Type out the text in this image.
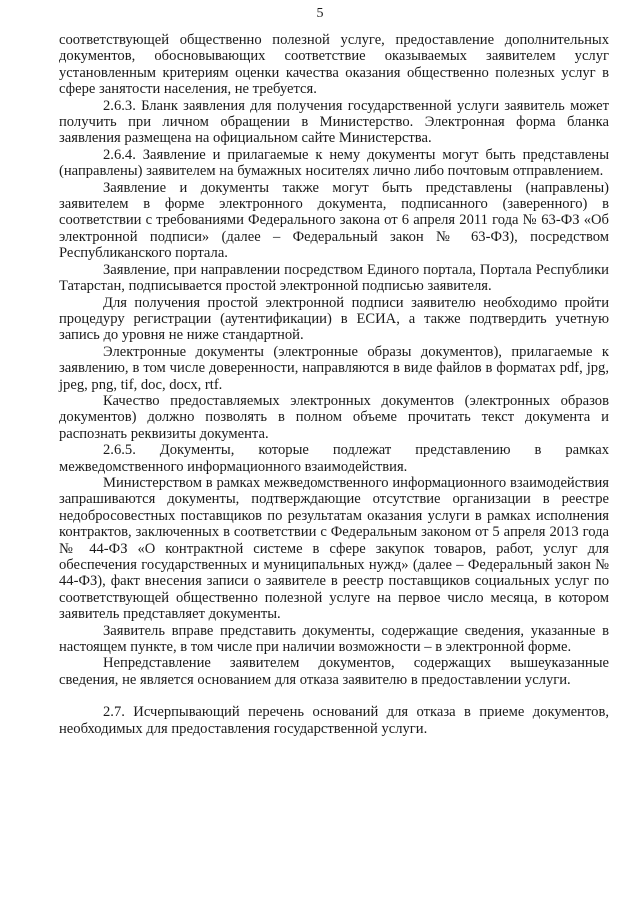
5

соответствующей общественно полезной услуге, предоставление дополнительных документов, обосновывающих соответствие оказываемых заявителем услуг установленным критериям оценки качества оказания общественно полезных услуг в сфере занятости населения, не требуется.

2.6.3. Бланк заявления для получения государственной услуги заявитель может получить при личном обращении в Министерство. Электронная форма бланка заявления размещена на официальном сайте Министерства.

2.6.4. Заявление и прилагаемые к нему документы могут быть представлены (направлены) заявителем на бумажных носителях лично либо почтовым отправлением.

Заявление и документы также могут быть представлены (направлены) заявителем в форме электронного документа, подписанного (заверенного) в соответствии с требованиями Федерального закона от 6 апреля 2011 года № 63-ФЗ «Об электронной подписи» (далее – Федеральный закон № 63-ФЗ), посредством Республиканского портала.

Заявление, при направлении посредством Единого портала, Портала Республики Татарстан, подписывается простой электронной подписью заявителя.

Для получения простой электронной подписи заявителю необходимо пройти процедуру регистрации (аутентификации) в ЕСИА, а также подтвердить учетную запись до уровня не ниже стандартной.

Электронные документы (электронные образы документов), прилагаемые к заявлению, в том числе доверенности, направляются в виде файлов в форматах pdf, jpg, jpeg, png, tif, doc, docx, rtf.

Качество предоставляемых электронных документов (электронных образов документов) должно позволять в полном объеме прочитать текст документа и распознать реквизиты документа.

2.6.5. Документы, которые подлежат представлению в рамках межведомственного информационного взаимодействия.

Министерством в рамках межведомственного информационного взаимодействия запрашиваются документы, подтверждающие отсутствие организации в реестре недобросовестных поставщиков по результатам оказания услуги в рамках исполнения контрактов, заключенных в соответствии с Федеральным законом от 5 апреля 2013 года № 44-ФЗ «О контрактной системе в сфере закупок товаров, работ, услуг для обеспечения государственных и муниципальных нужд» (далее – Федеральный закон № 44-ФЗ), факт внесения записи о заявителе в реестр поставщиков социальных услуг по соответствующей общественно полезной услуге на первое число месяца, в котором заявитель представляет документы.

Заявитель вправе представить документы, содержащие сведения, указанные в настоящем пункте, в том числе при наличии возможности – в электронной форме.

Непредставление заявителем документов, содержащих вышеуказанные сведения, не является основанием для отказа заявителю в предоставлении услуги.

2.7. Исчерпывающий перечень оснований для отказа в приеме документов, необходимых для предоставления государственной услуги.
